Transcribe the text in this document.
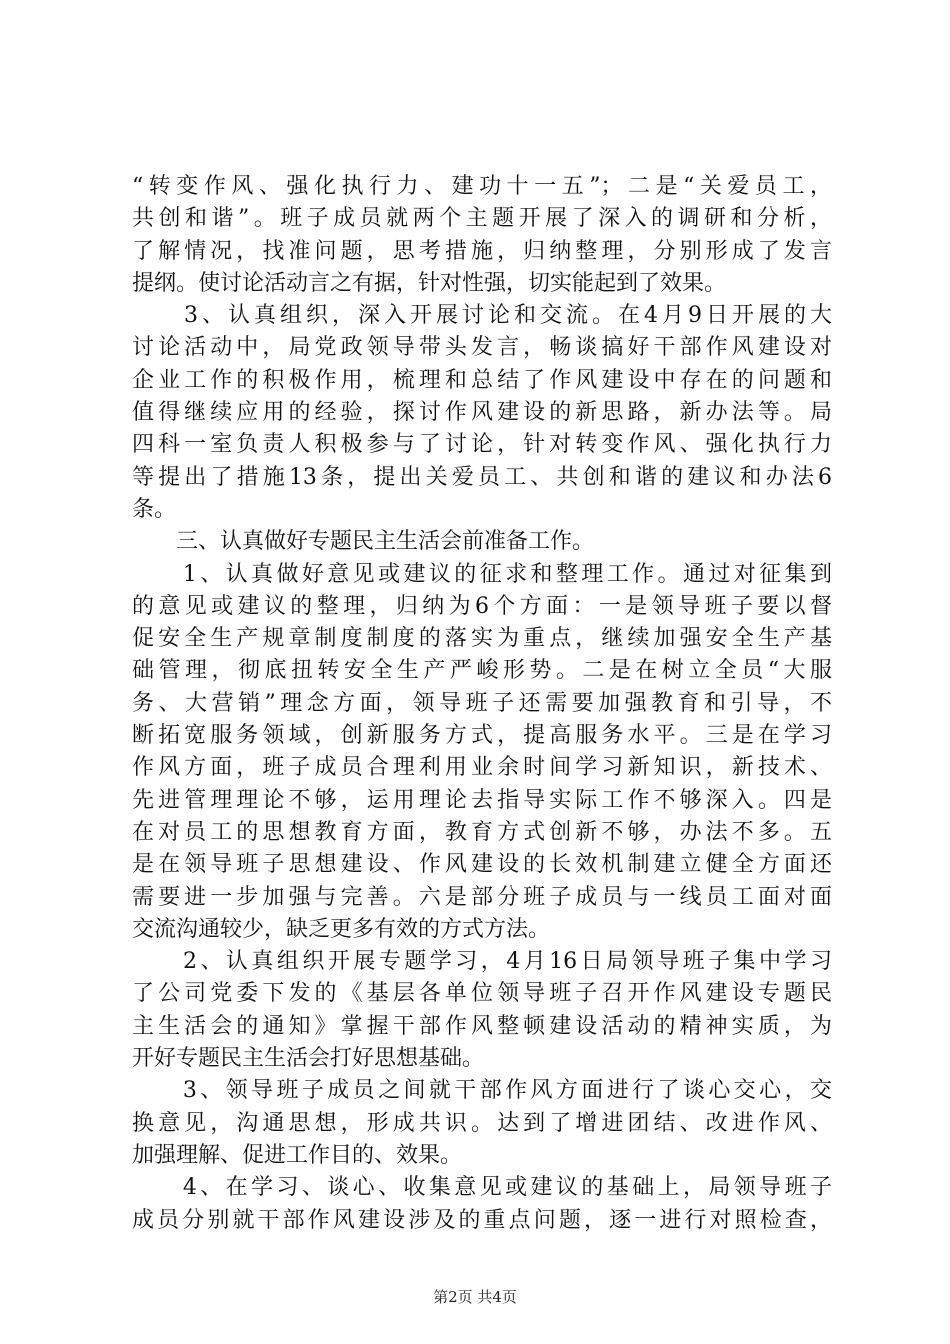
“转变作风、强化执行力、建功十一五”；二是“关爱员工，
共创和谐”。班子成员就两个主题开展了深入的调研和分析，
了解情况，找准问题，思考措施，归纳整理，分别形成了发言
提纲。使讨论活动言之有据，针对性强，切实能起到了效果。
　　3、认真组织，深入开展讨论和交流。在4月9日开展的大
讨论活动中，局党政领导带头发言，畅谈搞好干部作风建设对
企业工作的积极作用，梳理和总结了作风建设中存在的问题和
值得继续应用的经验，探讨作风建设的新思路，新办法等。局
四科一室负责人积极参与了讨论，针对转变作风、强化执行力
等提出了措施13条，提出关爱员工、共创和谐的建议和办法6
条。
　　三、认真做好专题民主生活会前准备工作。
　　1、认真做好意见或建议的征求和整理工作。通过对征集到
的意见或建议的整理，归纳为6个方面：一是领导班子要以督
促安全生产规章制度制度的落实为重点，继续加强安全生产基
础管理，彻底扭转安全生产严峻形势。二是在树立全员“大服
务、大营销”理念方面，领导班子还需要加强教育和引导，不
断拓宽服务领域，创新服务方式，提高服务水平。三是在学习
作风方面，班子成员合理利用业余时间学习新知识，新技术、
先进管理理论不够，运用理论去指导实际工作不够深入。四是
在对员工的思想教育方面，教育方式创新不够，办法不多。五
是在领导班子思想建设、作风建设的长效机制建立健全方面还
需要进一步加强与完善。六是部分班子成员与一线员工面对面
交流沟通较少，缺乏更多有效的方式方法。
　　2、认真组织开展专题学习，4月16日局领导班子集中学习
了公司党委下发的《基层各单位领导班子召开作风建设专题民
主生活会的通知》掌握干部作风整顿建设活动的精神实质，为
开好专题民主生活会打好思想基础。
　　3、领导班子成员之间就干部作风方面进行了谈心交心，交
换意见，沟通思想，形成共识。达到了增进团结、改进作风、
加强理解、促进工作目的、效果。
　　4、在学习、谈心、收集意见或建议的基础上，局领导班子
成员分别就干部作风建设涉及的重点问题，逐一进行对照检查，
第2页 共4页
